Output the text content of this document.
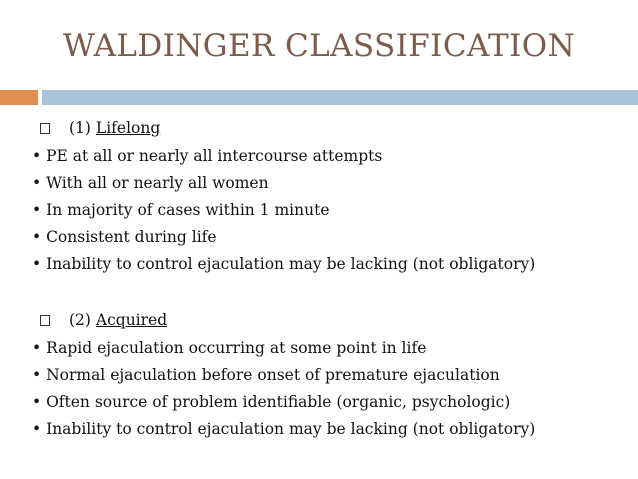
WALDINGER CLASSIFICATION
(1) Lifelong
• PE at all or nearly all intercourse attempts
• With all or nearly all women
• In majority of cases within 1 minute
• Consistent during life
• Inability to control ejaculation may be lacking (not obligatory)
(2) Acquired
• Rapid ejaculation occurring at some point in life
• Normal ejaculation before onset of premature ejaculation
• Often source of problem identifiable (organic, psychologic)
• Inability to control ejaculation may be lacking (not obligatory)
